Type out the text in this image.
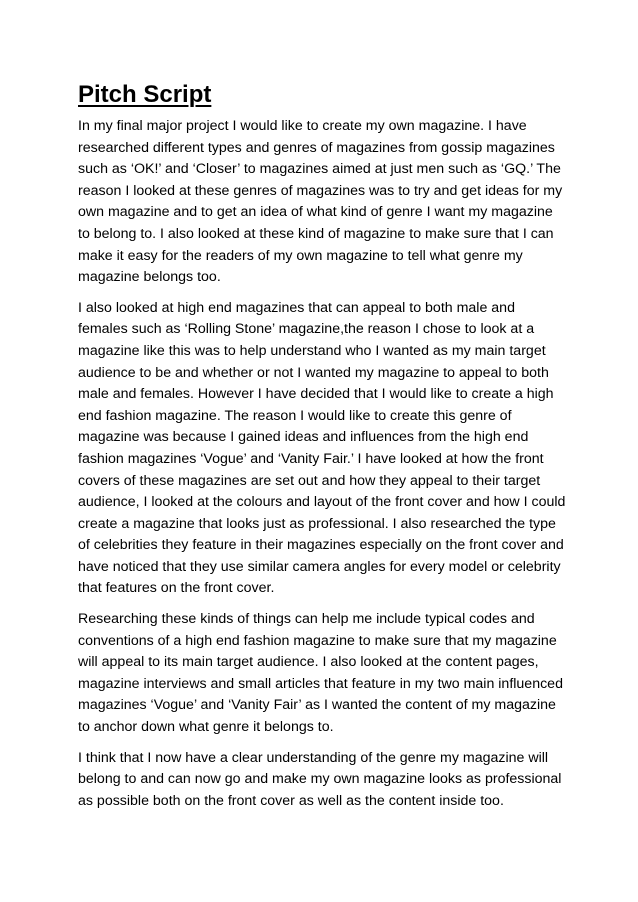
Pitch Script

In my final major project I would like to create my own magazine. I have researched different types and genres of magazines from gossip magazines such as ‘OK!’ and ‘Closer’ to magazines aimed at just men such as ‘GQ.’ The reason I looked at these genres of magazines was to try and get ideas for my own magazine and to get an idea of what kind of genre I want my magazine to belong to. I also looked at these kind of magazine to make sure that I can make it easy for the readers of my own magazine to tell what genre my magazine belongs too.

I also looked at high end magazines that can appeal to both male and females such as ‘Rolling Stone’ magazine,the reason I chose to look at a magazine like this was to help understand who I wanted as my main target audience to be and whether or not I wanted my magazine to appeal to both male and females. However I have decided that I would like to create a high end fashion magazine. The reason I would like to create this genre of magazine was because I gained ideas and influences from the high end fashion magazines ‘Vogue’ and ‘Vanity Fair.’ I have looked at how the front covers of these magazines are set out and how they appeal to their target audience, I looked at the colours and layout of the front cover and how I could create a magazine that looks just as professional. I also researched the type of celebrities they feature in their magazines especially on the front cover and have noticed that they use similar camera angles for every model or celebrity that features on the front cover.

Researching these kinds of things can help me include typical codes and conventions of a high end fashion magazine to make sure that my magazine will appeal to its main target audience. I also looked at the content pages, magazine interviews and small articles that feature in my two main influenced magazines ‘Vogue’ and ‘Vanity Fair’ as I wanted the content of my magazine to anchor down what genre it belongs to.

I think that I now have a clear understanding of the genre my magazine will belong to and can now go and make my own magazine looks as professional as possible both on the front cover as well as the content inside too.
